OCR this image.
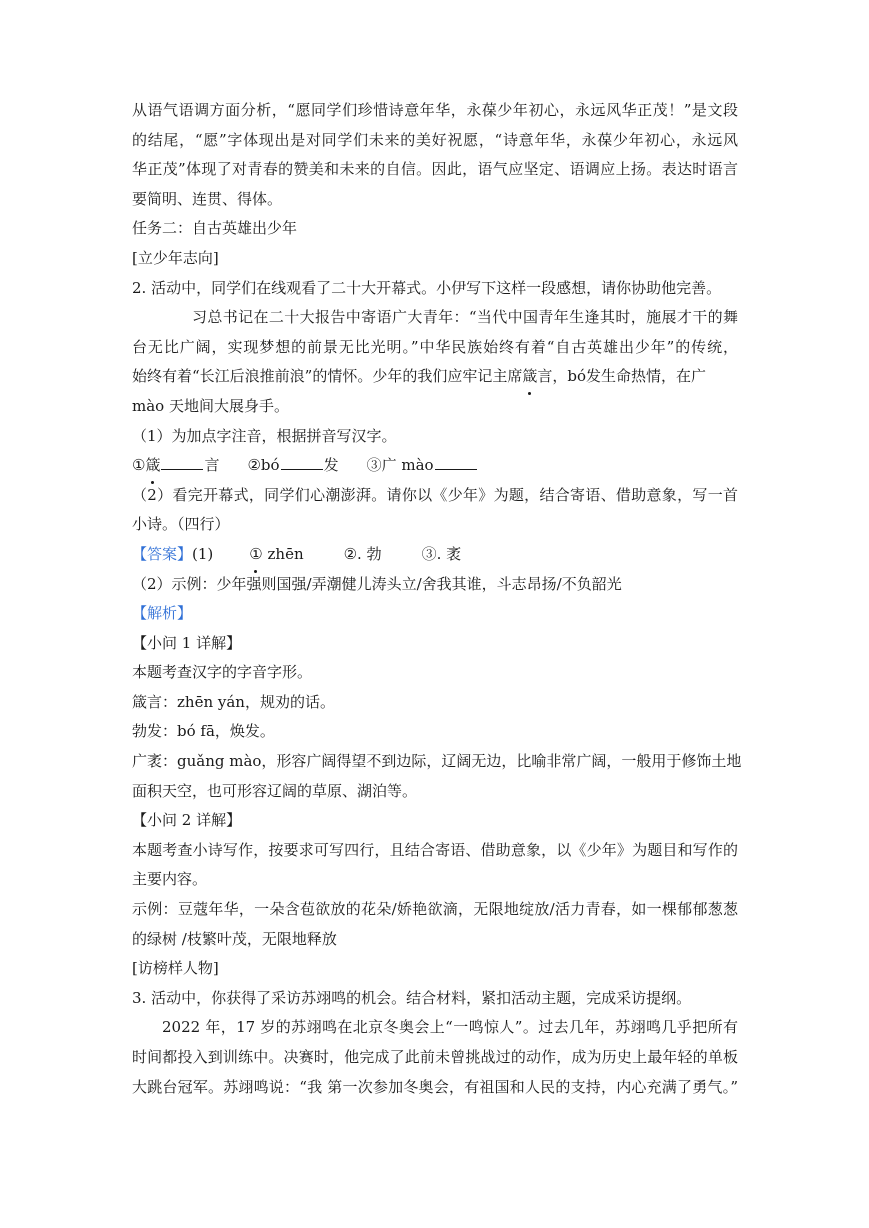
从语气语调方面分析，“愿同学们珍惜诗意年华，永葆少年初心，永远风华正茂！”是文段
的结尾，“愿”字体现出是对同学们未来的美好祝愿，“诗意年华，永葆少年初心，永远风
华正茂”体现了对青春的赞美和未来的自信。因此，语气应坚定、语调应上扬。表达时语言
要简明、连贯、得体。
任务二：自古英雄出少年
[立少年志向]
2. 活动中，同学们在线观看了二十大开幕式。小伊写下这样一段感想，请你协助他完善。
习总书记在二十大报告中寄语广大青年：“当代中国青年生逢其时，施展才干的舞
台无比广阔，实现梦想的前景无比光明。”中华民族始终有着“自古英雄出少年”的传统，
始终有着“长江后浪推前浪”的情怀。少年的我们应牢记主席箴言，bó发生命热情，在广
mào 天地间大展身手。
（1）为加点字注音，根据拼音写汉字。
①箴	言 ②bó	发 ③广 mào
（2）看完开幕式，同学们心潮澎湃。请你以《少年》为题，结合寄语、借助意象，写一首
小诗。（四行）
【答案】(1) ① zhēn	②. 勃	③. 袤
（2）示例：少年强则国强/弄潮健儿涛头立/舍我其谁，斗志昂扬/不负韶光
【解析】
【小问 1 详解】
本题考查汉字的字音字形。
箴言：zhēn yán，规劝的话。
勃发：bó fā，焕发。
广袤：guǎng mào，形容广阔得望不到边际，辽阔无边，比喻非常广阔，一般用于修饰土地
面积天空，也可形容辽阔的草原、湖泊等。
【小问 2 详解】
本题考查小诗写作，按要求可写四行，且结合寄语、借助意象，以《少年》为题目和写作的
主要内容。
示例：豆蔻年华，一朵含苞欲放的花朵/娇艳欲滴，无限地绽放/活力青春，如一棵郁郁葱葱
的绿树 /枝繁叶茂，无限地释放
[访榜样人物]
3. 活动中，你获得了采访苏翊鸣的机会。结合材料，紧扣活动主题，完成采访提纲。
2022 年，17 岁的苏翊鸣在北京冬奥会上“一鸣惊人”。过去几年，苏翊鸣几乎把所有
时间都投入到训练中。决赛时，他完成了此前未曾挑战过的动作，成为历史上最年轻的单板
大跳台冠军。苏翊鸣说：“我 第一次参加冬奥会，有祖国和人民的支持，内心充满了勇气。”
